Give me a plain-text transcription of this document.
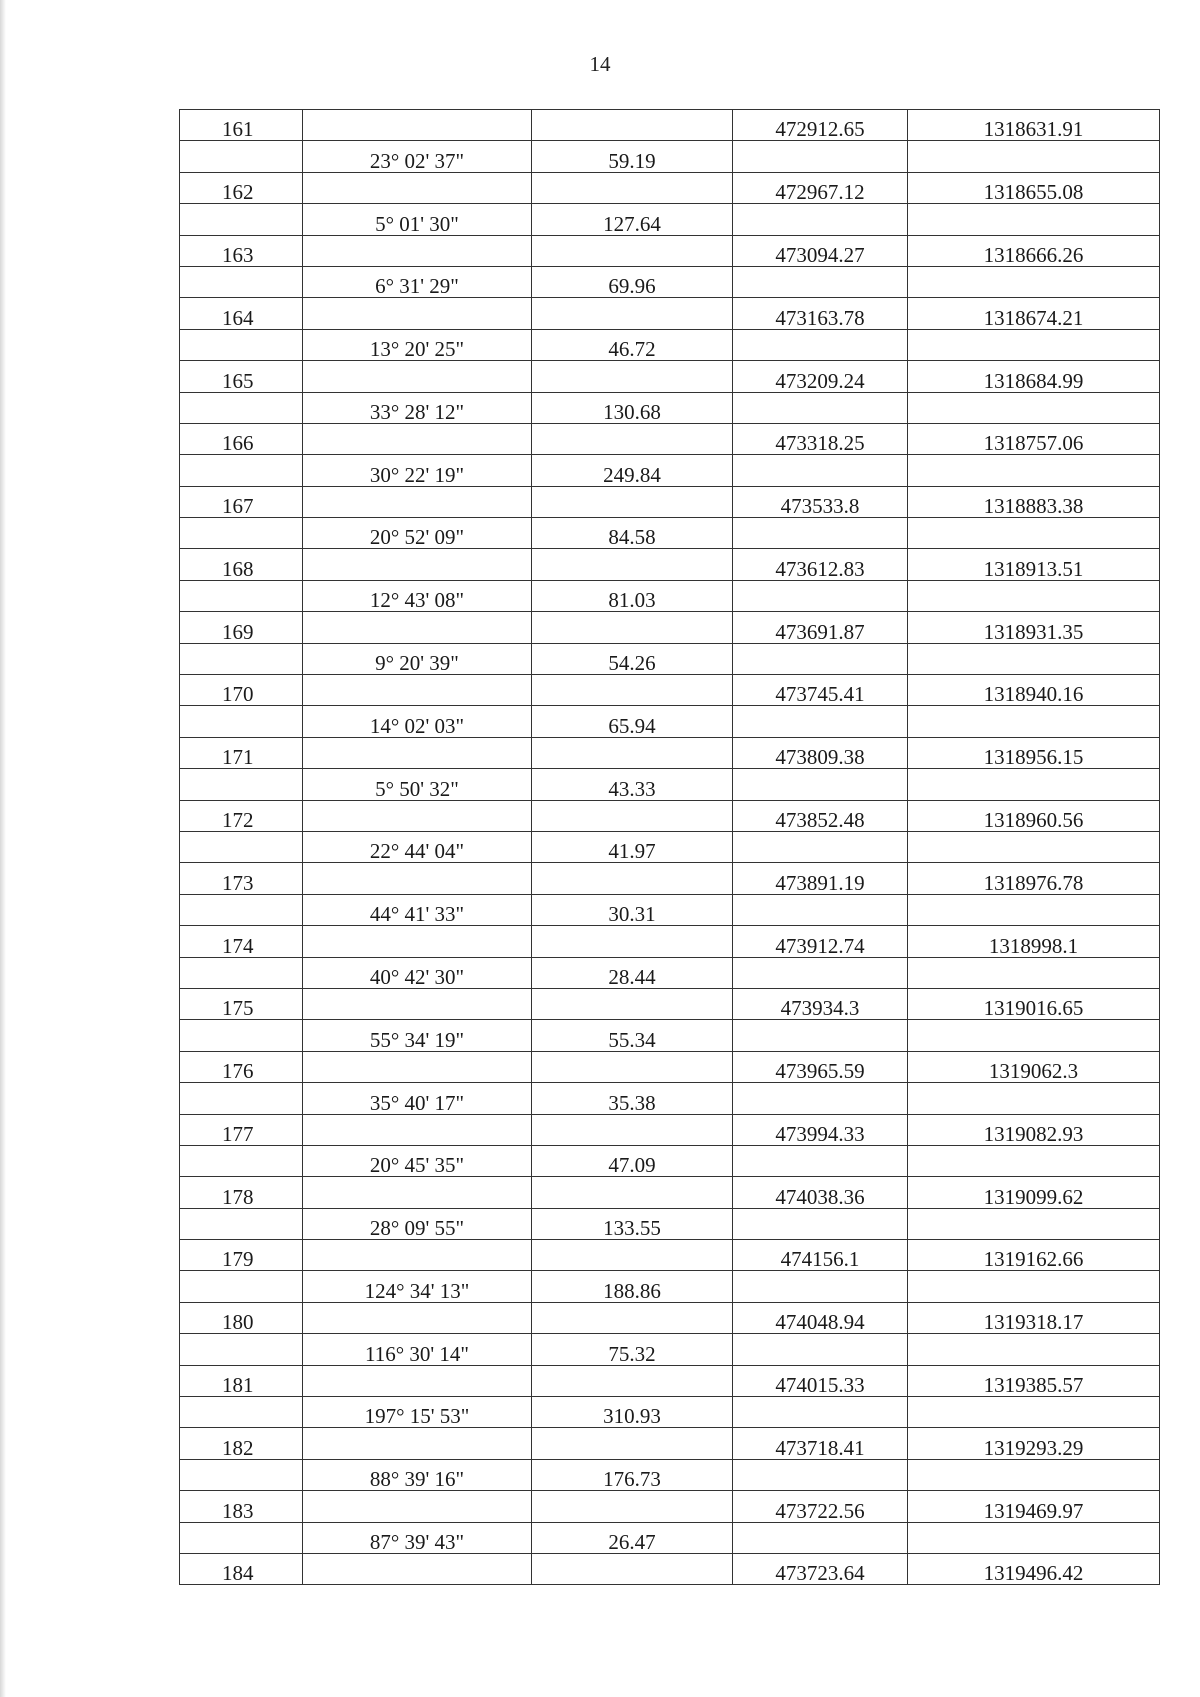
14
161			472912.65	1318631.91
	23° 02' 37"	59.19		
162			472967.12	1318655.08
	5° 01' 30"	127.64		
163			473094.27	1318666.26
	6° 31' 29"	69.96		
164			473163.78	1318674.21
	13° 20' 25"	46.72		
165			473209.24	1318684.99
	33° 28' 12"	130.68		
166			473318.25	1318757.06
	30° 22' 19"	249.84		
167			473533.8	1318883.38
	20° 52' 09"	84.58		
168			473612.83	1318913.51
	12° 43' 08"	81.03		
169			473691.87	1318931.35
	9° 20' 39"	54.26		
170			473745.41	1318940.16
	14° 02' 03"	65.94		
171			473809.38	1318956.15
	5° 50' 32"	43.33		
172			473852.48	1318960.56
	22° 44' 04"	41.97		
173			473891.19	1318976.78
	44° 41' 33"	30.31		
174			473912.74	1318998.1
	40° 42' 30"	28.44		
175			473934.3	1319016.65
	55° 34' 19"	55.34		
176			473965.59	1319062.3
	35° 40' 17"	35.38		
177			473994.33	1319082.93
	20° 45' 35"	47.09		
178			474038.36	1319099.62
	28° 09' 55"	133.55		
179			474156.1	1319162.66
	124° 34' 13"	188.86		
180			474048.94	1319318.17
	116° 30' 14"	75.32		
181			474015.33	1319385.57
	197° 15' 53"	310.93		
182			473718.41	1319293.29
	88° 39' 16"	176.73		
183			473722.56	1319469.97
	87° 39' 43"	26.47		
184			473723.64	1319496.42
